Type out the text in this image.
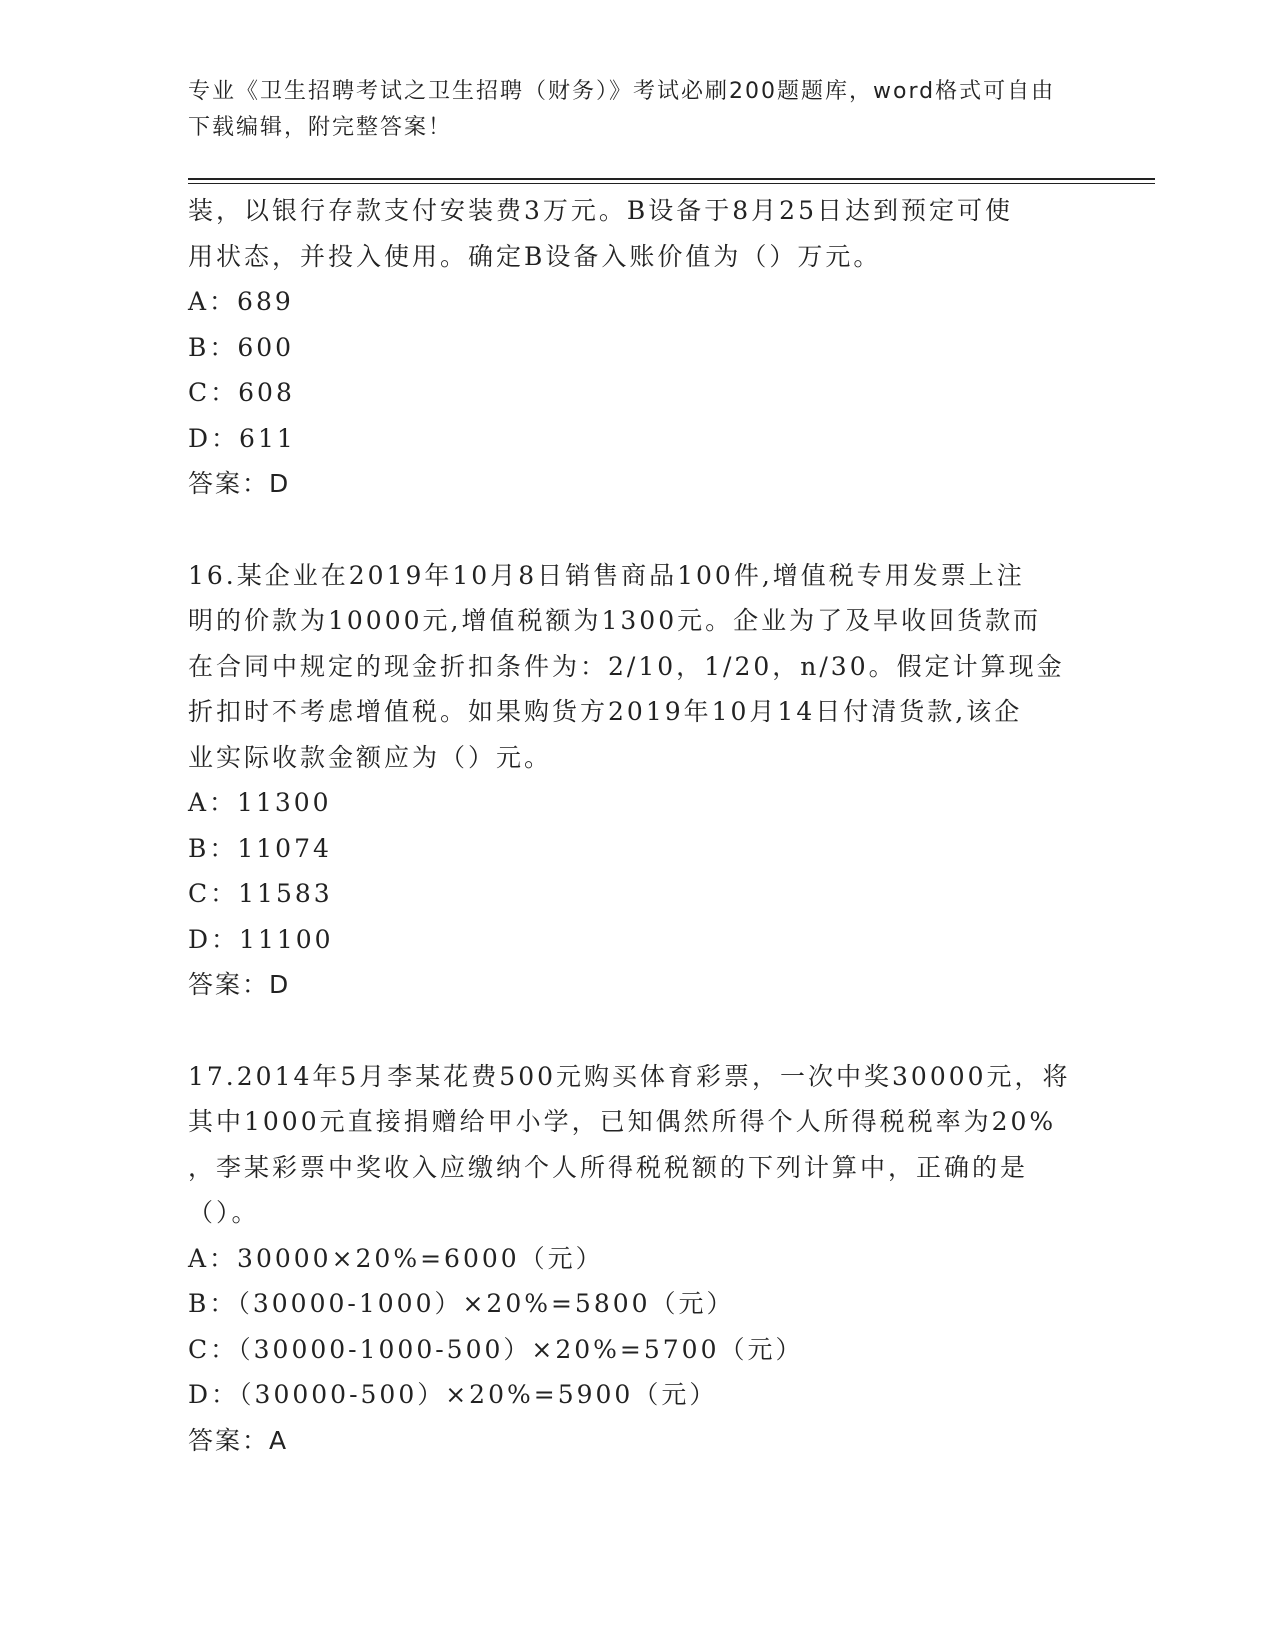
专业《卫生招聘考试之卫生招聘（财务）》考试必刷200题题库，word格式可自由下载编辑，附完整答案！
装，以银行存款支付安装费3万元。B设备于8月25日达到预定可使
用状态，并投入使用。确定B设备入账价值为（）万元。
A：689
B：600
C：608
D：611
答案：D
16.某企业在2019年10月8日销售商品100件,增值税专用发票上注
明的价款为10000元,增值税额为1300元。企业为了及早收回货款而
在合同中规定的现金折扣条件为：2/10，1/20，n/30。假定计算现金
折扣时不考虑增值税。如果购货方2019年10月14日付清货款,该企
业实际收款金额应为（）元。
A：11300
B：11074
C：11583
D：11100
答案：D
17.2014年5月李某花费500元购买体育彩票，一次中奖30000元，将
其中1000元直接捐赠给甲小学，已知偶然所得个人所得税税率为20%
，李某彩票中奖收入应缴纳个人所得税税额的下列计算中，正确的是
（）。
A：30000×20%=6000（元）
B：（30000-1000）×20%=5800（元）
C：（30000-1000-500）×20%=5700（元）
D：（30000-500）×20%=5900（元）
答案：A
